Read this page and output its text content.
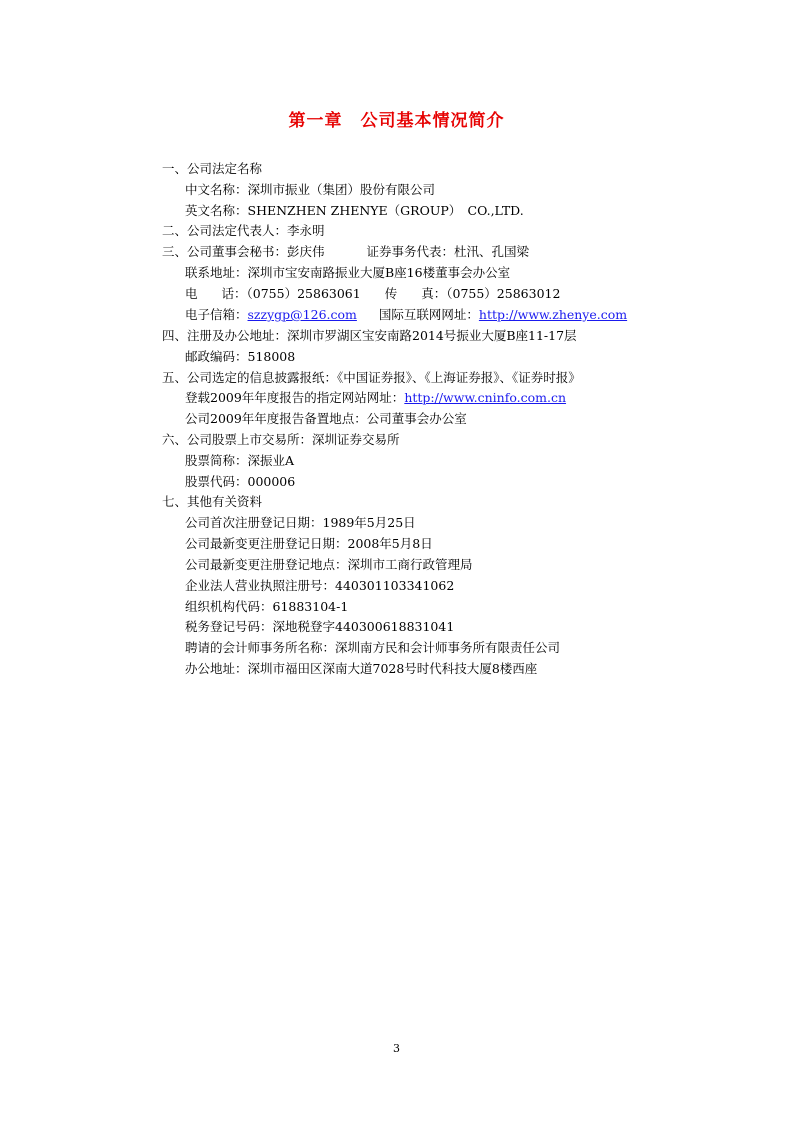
第一章　公司基本情况简介
一、公司法定名称
中文名称：深圳市振业（集团）股份有限公司
英文名称：SHENZHEN ZHENYE（GROUP）　CO.,LTD.
二、公司法定代表人：李永明
三、公司董事会秘书：彭庆伟	证券事务代表：杜汛、孔国梁
联系地址：深圳市宝安南路振业大厦B座16楼董事会办公室
电 话：（0755）25863061 传 真：（0755）25863012
电子信箱：szzygp@126.com 国际互联网网址：http://www.zhenye.com
四、注册及办公地址：深圳市罗湖区宝安南路2014号振业大厦B座11-17层
邮政编码：518008
五、公司选定的信息披露报纸：《中国证券报》、《上海证券报》、《证券时报》
登载2009年年度报告的指定网站网址：http://www.cninfo.com.cn
公司2009年年度报告备置地点：公司董事会办公室
六、公司股票上市交易所：深圳证券交易所
股票简称：深振业A
股票代码：000006
七、其他有关资料
公司首次注册登记日期：1989年5月25日
公司最新变更注册登记日期：2008年5月8日
公司最新变更注册登记地点：深圳市工商行政管理局
企业法人营业执照注册号：440301103341062
组织机构代码：61883104-1
税务登记号码：深地税登字440300618831041
聘请的会计师事务所名称：深圳南方民和会计师事务所有限责任公司
办公地址：深圳市福田区深南大道7028号时代科技大厦8楼西座
3
